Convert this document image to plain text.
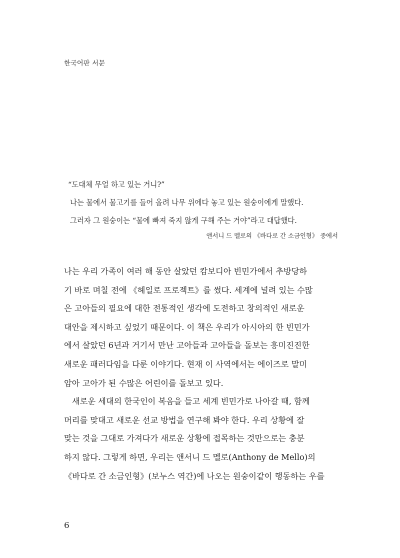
한국어판 서문
“도대체 무얼 하고 있는 거니?”
나는 물에서 물고기를 들어 올려 나무 위에다 놓고 있는 원숭이에게 말했다.
그러자 그 원숭이는 “물에 빠져 죽지 않게 구해 주는 거야”라고 대답했다.
앤서니 드 멜로의 《바다로 간 소금인형》 중에서
나는 우리 가족이 여러 해 동안 살았던 캄보디아 빈민가에서 추방당하
기 바로 며칠 전에 《헤일로 프로젝트》를 썼다. 세계에 널려 있는 수많
은 고아들의 필요에 대한 전통적인 생각에 도전하고 창의적인 새로운
대안을 제시하고 싶었기 때문이다. 이 책은 우리가 아시아의 한 빈민가
에서 살았던 6년과 거기서 만난 고아들과 고아들을 돌보는 흥미진진한
새로운 패러다임을 다룬 이야기다. 현재 이 사역에서는 에이즈로 말미
암아 고아가 된 수많은 어린이를 돌보고 있다.
새로운 세대의 한국인이 복음을 들고 세계 빈민가로 나아갈 때, 함께
머리를 맞대고 새로운 선교 방법을 연구해 봐야 한다. 우리 상황에 잘
맞는 것을 그대로 가져다가 새로운 상황에 접목하는 것만으로는 충분
하지 않다. 그렇게 하면, 우리는 앤서니 드 멜로(Anthony de Mello)의
《바다로 간 소금인형》(보누스 역간)에 나오는 원숭이같이 행동하는 우를
6
